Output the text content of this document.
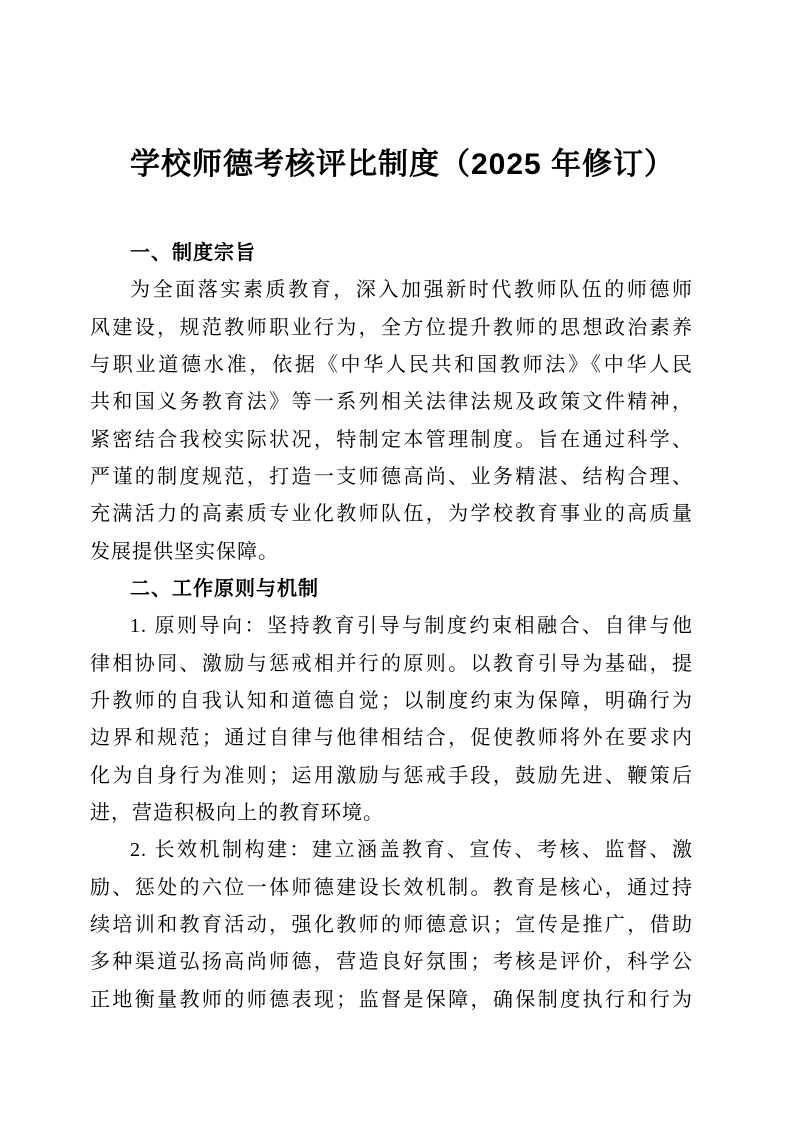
学校师德考核评比制度（2025 年修订）
一、制度宗旨
为全面落实素质教育，深入加强新时代教师队伍的师德师
风建设，规范教师职业行为，全方位提升教师的思想政治素养
与职业道德水准，依据《中华人民共和国教师法》《中华人民
共和国义务教育法》等一系列相关法律法规及政策文件精神，
紧密结合我校实际状况，特制定本管理制度。旨在通过科学、
严谨的制度规范，打造一支师德高尚、业务精湛、结构合理、
充满活力的高素质专业化教师队伍，为学校教育事业的高质量
发展提供坚实保障。
二、工作原则与机制
1. 原则导向：坚持教育引导与制度约束相融合、自律与他
律相协同、激励与惩戒相并行的原则。以教育引导为基础，提
升教师的自我认知和道德自觉；以制度约束为保障，明确行为
边界和规范；通过自律与他律相结合，促使教师将外在要求内
化为自身行为准则；运用激励与惩戒手段，鼓励先进、鞭策后
进，营造积极向上的教育环境。
2. 长效机制构建：建立涵盖教育、宣传、考核、监督、激
励、惩处的六位一体师德建设长效机制。教育是核心，通过持
续培训和教育活动，强化教师的师德意识；宣传是推广，借助
多种渠道弘扬高尚师德，营造良好氛围；考核是评价，科学公
正地衡量教师的师德表现；监督是保障，确保制度执行和行为
